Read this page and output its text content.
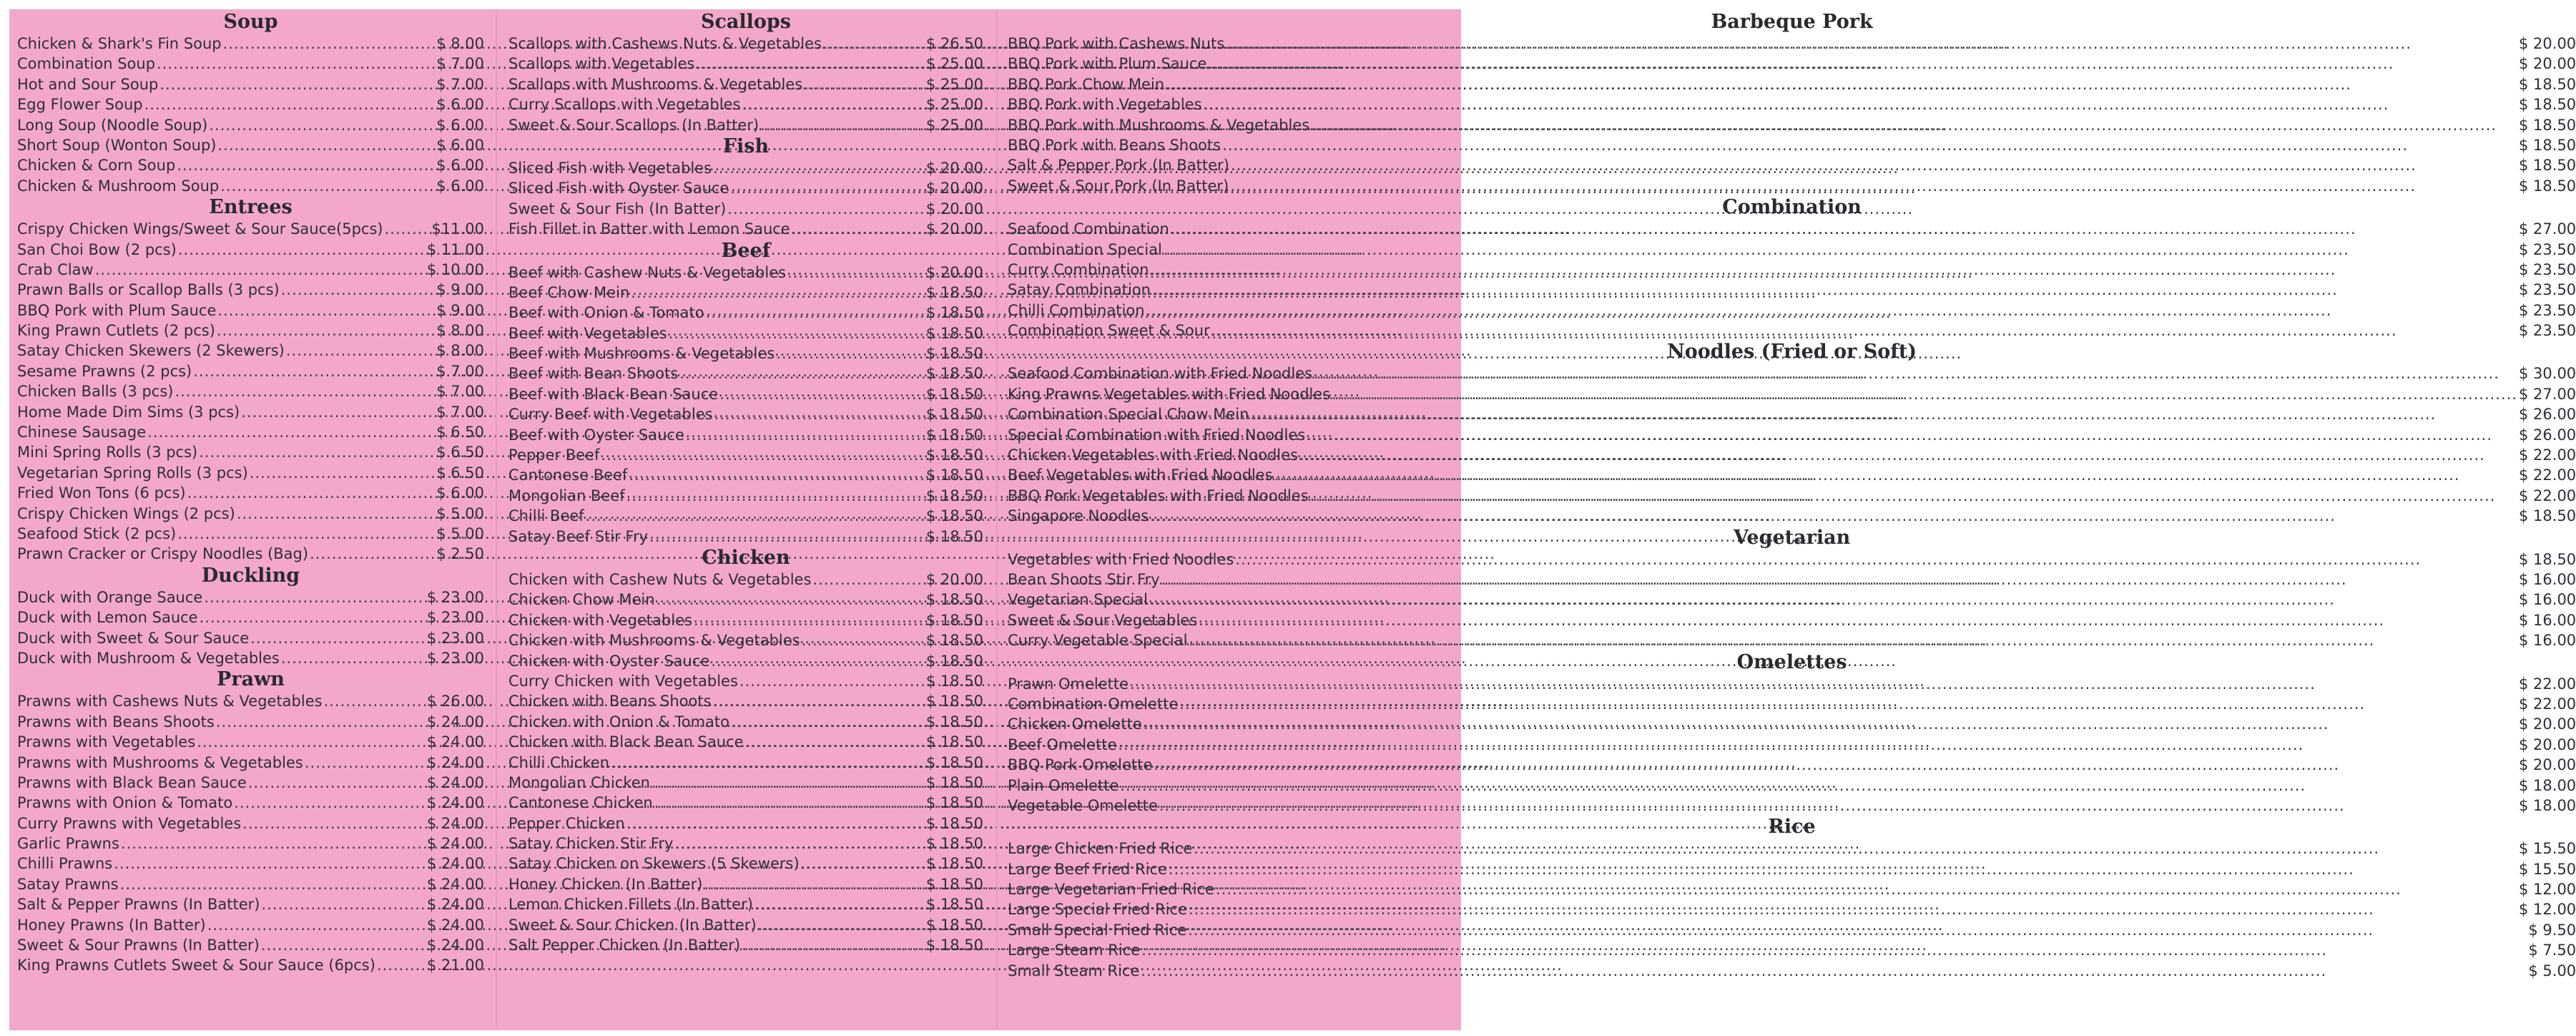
Soup
Chicken & Shark's Fin Soup .....	$ 8.00
Combination Soup .....	$ 7.00
Hot and Sour Soup .....	$ 7.00
Egg Flower Soup .....	$ 6.00
Long Soup (Noodle Soup) .....	$ 6.00
Short Soup (Wonton Soup) .....	$ 6.00
Chicken & Corn Soup .....	$ 6.00
Chicken & Mushroom Soup .....	$ 6.00
Entrees
Crispy Chicken Wings/Sweet & Sour Sauce(5pcs) .....	$11.00
San Choi Bow (2 pcs) .....	$ 11.00
Crab Claw .....	$ 10.00
Prawn Balls or Scallop Balls (3 pcs) .....	$ 9.00
BBQ Pork with Plum Sauce .....	$ 9.00
King Prawn Cutlets (2 pcs) .....	$ 8.00
Satay Chicken Skewers (2 Skewers) .....	$ 8.00
Sesame Prawns (2 pcs) .....	$ 7.00
Chicken Balls (3 pcs) .....	$ 7.00
Home Made Dim Sims (3 pcs) .....	$ 7.00
Chinese Sausage .....	$ 6.50
Mini Spring Rolls (3 pcs) .....	$ 6.50
Vegetarian Spring Rolls (3 pcs) .....	$ 6.50
Fried Won Tons (6 pcs) .....	$ 6.00
Crispy Chicken Wings (2 pcs) .....	$ 5.00
Seafood Stick (2 pcs) .....	$ 5.00
Prawn Cracker or Crispy Noodles (Bag) .....	$ 2.50
Duckling
Duck with Orange Sauce .....	$ 23.00
Duck with Lemon Sauce .....	$ 23.00
Duck with Sweet & Sour Sauce .....	$ 23.00
Duck with Mushroom & Vegetables .....	$ 23.00
Prawn
Prawns with Cashews Nuts & Vegetables .....	$ 26.00
Prawns with Beans Shoots .....	$ 24.00
Prawns with Vegetables .....	$ 24.00
Prawns with Mushrooms & Vegetables .....	$ 24.00
Prawns with Black Bean Sauce .....	$ 24.00
Prawns with Onion & Tomato .....	$ 24.00
Curry Prawns with Vegetables .....	$ 24.00
Garlic Prawns .....	$ 24.00
Chilli Prawns .....	$ 24.00
Satay Prawns .....	$ 24.00
Salt & Pepper Prawns (In Batter) .....	$ 24.00
Honey Prawns (In Batter) .....	$ 24.00
Sweet & Sour Prawns (In Batter) .....	$ 24.00
King Prawns Cutlets Sweet & Sour Sauce (6pcs) .....	$ 21.00
Scallops
Scallops with Cashews Nuts & Vegetables .....	$ 26.50
Scallops with Vegetables .....	$ 25.00
Scallops with Mushrooms & Vegetables .....	$ 25.00
Curry Scallops with Vegetables .....	$ 25.00
Sweet & Sour Scallops (In Batter) .....	$ 25.00
Fish
Sliced Fish with Vegetables .....	$ 20.00
Sliced Fish with Oyster Sauce .....	$ 20.00
Sweet & Sour Fish (In Batter) .....	$ 20.00
Fish Fillet in Batter with Lemon Sauce .....	$ 20.00
Beef
Beef with Cashew Nuts & Vegetables .....	$ 20.00
Beef Chow Mein .....	$ 18.50
Beef with Onion & Tomato .....	$ 18.50
Beef with Vegetables .....	$ 18.50
Beef with Mushrooms & Vegetables .....	$ 18.50
Beef with Bean Shoots .....	$ 18.50
Beef with Black Bean Sauce .....	$ 18.50
Curry Beef with Vegetables .....	$ 18.50
Beef with Oyster Sauce .....	$ 18.50
Pepper Beef .....	$ 18.50
Cantonese Beef .....	$ 18.50
Mongolian Beef .....	$ 18.50
Chilli Beef .....	$ 18.50
Satay Beef Stir Fry .....	$ 18.50
Chicken
Chicken with Cashew Nuts & Vegetables .....	$ 20.00
Chicken Chow Mein .....	$ 18.50
Chicken with Vegetables .....	$ 18.50
Chicken with Mushrooms & Vegetables .....	$ 18.50
Chicken with Oyster Sauce .....	$ 18.50
Curry Chicken with Vegetables .....	$ 18.50
Chicken with Beans Shoots .....	$ 18.50
Chicken with Onion & Tomato .....	$ 18.50
Chicken with Black Bean Sauce .....	$ 18.50
Chilli Chicken .....	$ 18.50
Mongolian Chicken .....	$ 18.50
Cantonese Chicken .....	$ 18.50
Pepper Chicken .....	$ 18.50
Satay Chicken Stir Fry .....	$ 18.50
Satay Chicken on Skewers (5 Skewers) .....	$ 18.50
Honey Chicken (In Batter) .....	$ 18.50
Lemon Chicken Fillets (In Batter) .....	$ 18.50
Sweet & Sour Chicken (In Batter) .....	$ 18.50
Salt Pepper Chicken (In Batter) .....	$ 18.50
Barbeque Pork
BBQ Pork with Cashews Nuts .....	$ 20.00
BBQ Pork with Plum Sauce .....	$ 20.00
BBQ Pork Chow Mein .....	$ 18.50
BBQ Pork with Vegetables .....	$ 18.50
BBQ Pork with Mushrooms & Vegetables .....	$ 18.50
BBQ Pork with Beans Shoots .....	$ 18.50
Salt & Pepper Pork (In Batter) .....	$ 18.50
Sweet & Sour Pork (In Batter) .....	$ 18.50
Combination
Seafood Combination .....	$ 27.00
Combination Special .....	$ 23.50
Curry Combination .....	$ 23.50
Satay Combination .....	$ 23.50
Chilli Combination .....	$ 23.50
Combination Sweet & Sour .....	$ 23.50
Noodles (Fried or Soft)
Seafood Combination with Fried Noodles .....	$ 30.00
King Prawns Vegetables with Fried Noodles .....	$ 27.00
Combination Special Chow Mein .....	$ 26.00
Special Combination with Fried Noodles .....	$ 26.00
Chicken Vegetables with Fried Noodles .....	$ 22.00
Beef Vegetables with Fried Noodles .....	$ 22.00
BBQ Pork Vegetables with Fried Noodles .....	$ 22.00
Singapore Noodles .....	$ 18.50
Vegetarian
Vegetables with Fried Noodles .....	$ 18.50
Bean Shoots Stir Fry .....	$ 16.00
Vegetarian Special .....	$ 16.00
Sweet & Sour Vegetables .....	$ 16.00
Curry Vegetable Special .....	$ 16.00
Omelettes
Prawn Omelette .....	$ 22.00
Combination Omelette .....	$ 22.00
Chicken Omelette .....	$ 20.00
Beef Omelette .....	$ 20.00
BBQ Pork Omelette .....	$ 20.00
Plain Omelette .....	$ 18.00
Vegetable Omelette .....	$ 18.00
Rice
Large Chicken Fried Rice .....	$ 15.50
Large Beef Fried Rice .....	$ 15.50
Large Vegetarian Fried Rice .....	$ 12.00
Large Special Fried Rice .....	$ 12.00
Small Special Fried Rice .....	$ 9.50
Large Steam Rice .....	$ 7.50
Small Steam Rice .....	$ 5.00
